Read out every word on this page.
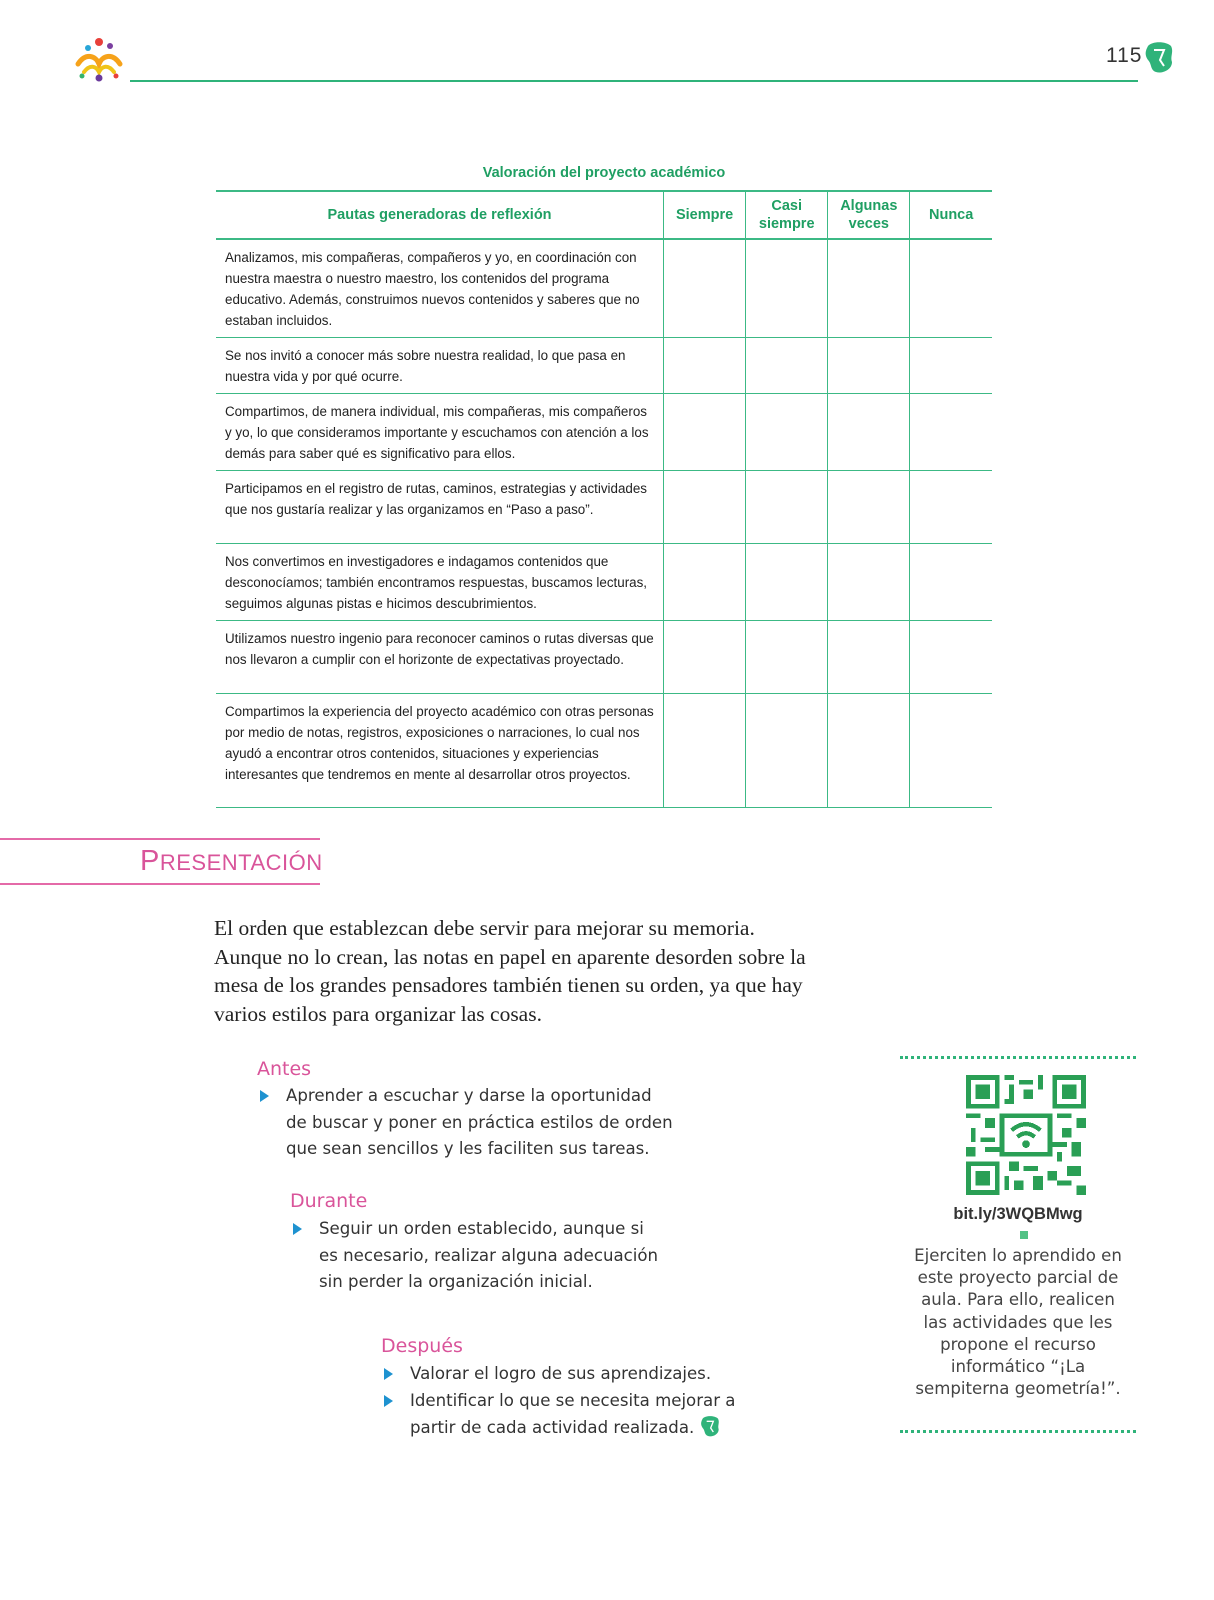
115
Valoración del proyecto académico
Pautas generadoras de reflexión	Siempre	Casi siempre	Algunas veces	Nunca
Analizamos, mis compañeras, compañeros y yo, en coordinación con nuestra maestra o nuestro maestro, los contenidos del programa educativo. Además, construimos nuevos contenidos y saberes que no estaban incluidos.				
Se nos invitó a conocer más sobre nuestra realidad, lo que pasa en nuestra vida y por qué ocurre.				
Compartimos, de manera individual, mis compañeras, mis compañeros y yo, lo que consideramos importante y escuchamos con atención a los demás para saber qué es significativo para ellos.				
Participamos en el registro de rutas, caminos, estrategias y actividades que nos gustaría realizar y las organizamos en “Paso a paso”.				
Nos convertimos en investigadores e indagamos contenidos que desconocíamos; también encontramos respuestas, buscamos lecturas, seguimos algunas pistas e hicimos descubrimientos.				
Utilizamos nuestro ingenio para reconocer caminos o rutas diversas que nos llevaron a cumplir con el horizonte de expectativas proyectado.				
Compartimos la experiencia del proyecto académico con otras personas por medio de notas, registros, exposiciones o narraciones, lo cual nos ayudó a encontrar otros contenidos, situaciones y experiencias interesantes que tendremos en mente al desarrollar otros proyectos.				
PRESENTACIÓN

El orden que establezcan debe servir para mejorar su memoria. Aunque no lo crean, las notas en papel en aparente desorden sobre la mesa de los grandes pensadores también tienen su orden, ya que hay varios estilos para organizar las cosas.

Antes
Aprender a escuchar y darse la oportunidad de buscar y poner en práctica estilos de orden que sean sencillos y les faciliten sus tareas.
Durante
Seguir un orden establecido, aunque si es necesario, realizar alguna adecuación sin perder la organización inicial.
Después
Valorar el logro de sus aprendizajes.
Identificar lo que se necesita mejorar a partir de cada actividad realizada.
bit.ly/3WQBMwg
Ejerciten lo aprendido en este proyecto parcial de aula. Para ello, realicen las actividades que les propone el recurso informático “¡La sempiterna geometría!”.
